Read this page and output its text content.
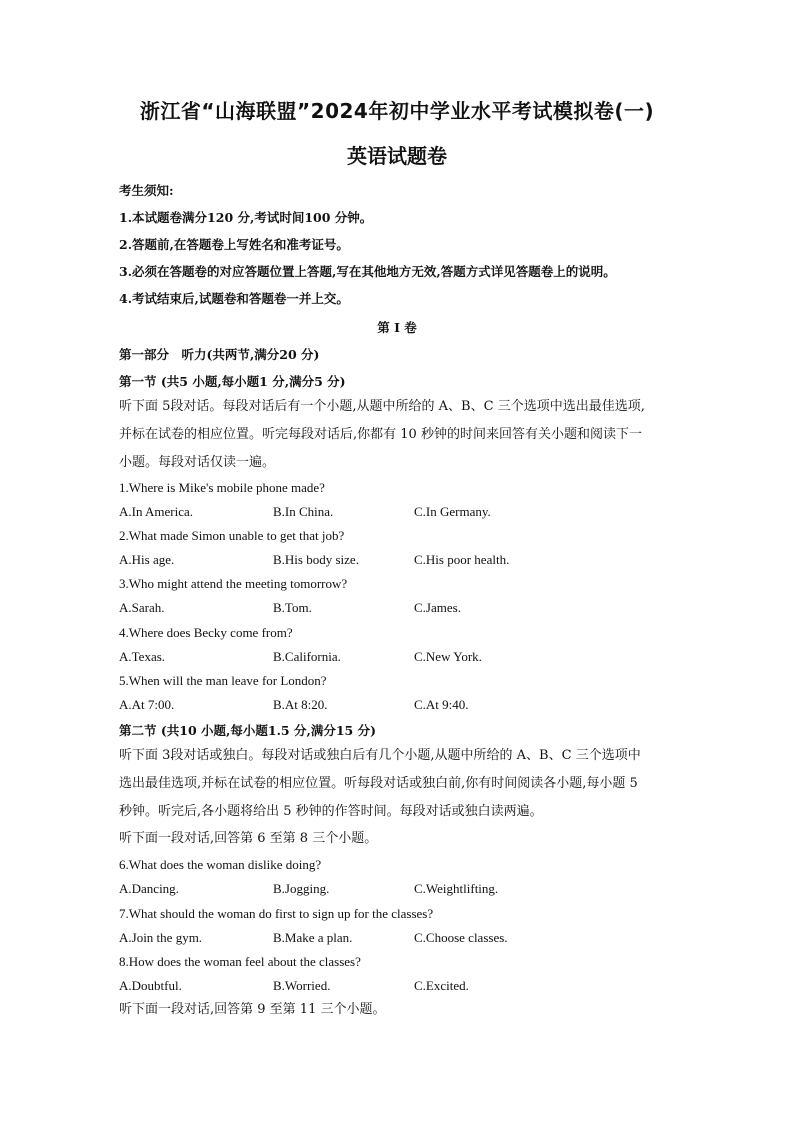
浙江省“山海联盟”2024年初中学业水平考试模拟卷(一)
英语试题卷
考生须知:
1.本试题卷满分120 分,考试时间100 分钟。
2.答题前,在答题卷上写姓名和准考证号。
3.必须在答题卷的对应答题位置上答题,写在其他地方无效,答题方式详见答题卷上的说明。
4.考试结束后,试题卷和答题卷一并上交。
第 I 卷
第一部分　听力(共两节,满分20 分)
第一节 (共5 小题,每小题1 分,满分5 分)
听下面 5段对话。每段对话后有一个小题,从题中所给的 A、B、C 三个选项中选出最佳选项,
并标在试卷的相应位置。听完每段对话后,你都有 10 秒钟的时间来回答有关小题和阅读下一
小题。每段对话仅读一遍。
1.Where is Mike's mobile phone made?
A.In America.	B.In China.	C.In Germany.
2.What made Simon unable to get that job?
A.His age.	B.His body size.	C.His poor health.
3.Who might attend the meeting tomorrow?
A.Sarah.	B.Tom.	C.James.
4.Where does Becky come from?
A.Texas.	B.California.	C.New York.
5.When will the man leave for London?
A.At 7:00.	B.At 8:20.	C.At 9:40.
第二节 (共10 小题,每小题1.5 分,满分15 分)
听下面 3段对话或独白。每段对话或独白后有几个小题,从题中所给的 A、B、C 三个选项中
选出最佳选项,并标在试卷的相应位置。听每段对话或独白前,你有时间阅读各小题,每小题 5
秒钟。听完后,各小题将给出 5 秒钟的作答时间。每段对话或独白读两遍。
听下面一段对话,回答第 6 至第 8 三个小题。
6.What does the woman dislike doing?
A.Dancing.	B.Jogging.	C.Weightlifting.
7.What should the woman do first to sign up for the classes?
A.Join the gym.	B.Make a plan.	C.Choose classes.
8.How does the woman feel about the classes?
A.Doubtful.	B.Worried.	C.Excited.
听下面一段对话,回答第 9 至第 11 三个小题。
